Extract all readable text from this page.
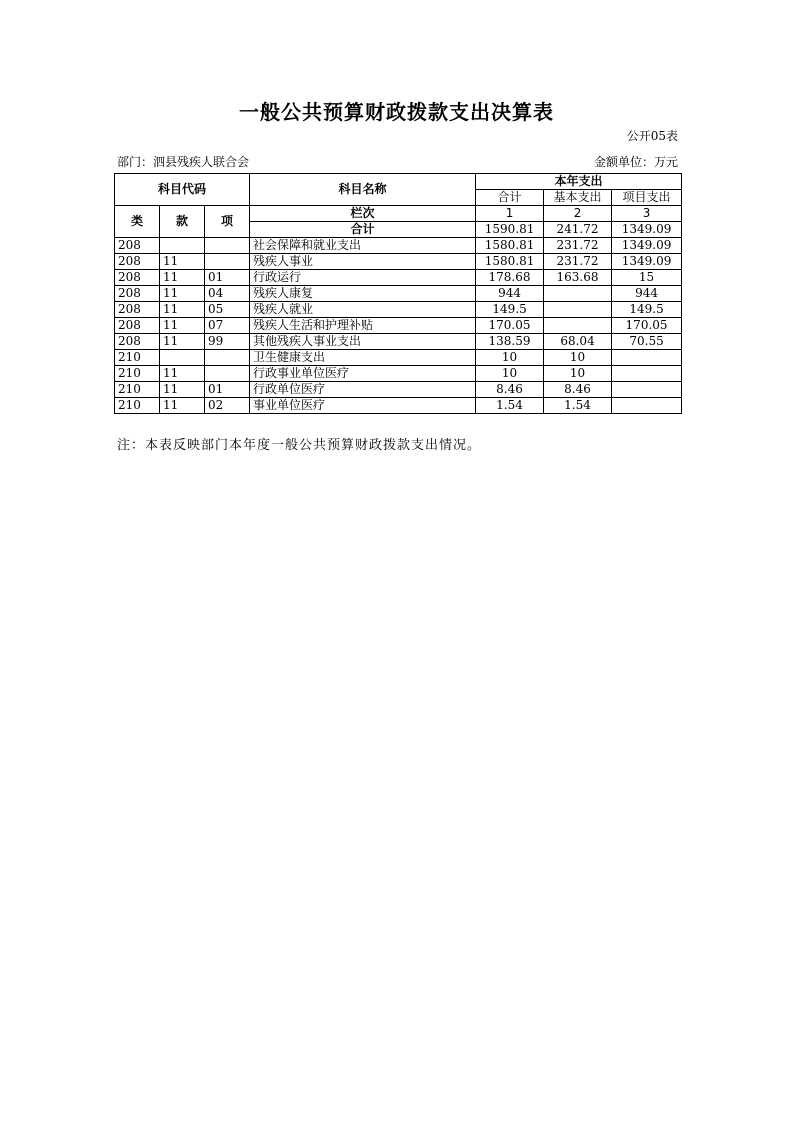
一般公共预算财政拨款支出决算表
公开05表
部门：泗县残疾人联合会	金额单位：万元
科目代码			科目名称	本年支出		
				合计	基本支出	项目支出
类	款	项	栏次	1	2	3
			合计	1590.81	241.72	1349.09
208			社会保障和就业支出	1580.81	231.72	1349.09
208	11		残疾人事业	1580.81	231.72	1349.09
208	11	01	行政运行	178.68	163.68	15
208	11	04	残疾人康复	944		944
208	11	05	残疾人就业	149.5		149.5
208	11	07	残疾人生活和护理补贴	170.05		170.05
208	11	99	其他残疾人事业支出	138.59	68.04	70.55
210			卫生健康支出	10	10	
210	11		行政事业单位医疗	10	10	
210	11	01	行政单位医疗	8.46	8.46	
210	11	02	事业单位医疗	1.54	1.54	
注：本表反映部门本年度一般公共预算财政拨款支出情况。
